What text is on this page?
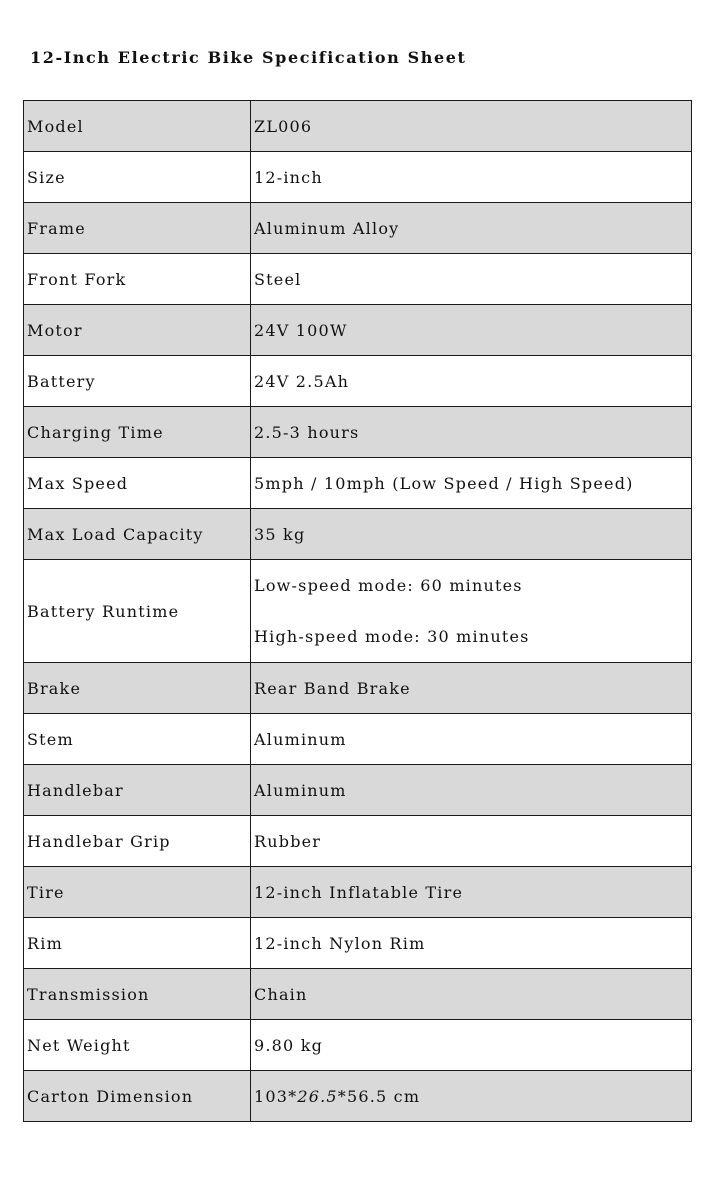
12-Inch Electric Bike Specification Sheet
Model	ZL006
Size	12-inch
Frame	Aluminum Alloy
Front Fork	Steel
Motor	24V 100W
Battery	24V 2.5Ah
Charging Time	2.5-3 hours
Max Speed	5mph / 10mph (Low Speed / High Speed)
Max Load Capacity	35 kg
Battery Runtime	Low-speed mode: 60 minutes
High-speed mode: 30 minutes

Brake	Rear Band Brake
Stem	Aluminum
Handlebar	Aluminum
Handlebar Grip	Rubber
Tire	12-inch Inflatable Tire
Rim	12-inch Nylon Rim
Transmission	Chain
Net Weight	9.80 kg
Carton Dimension	103*26.5*56.5 cm
